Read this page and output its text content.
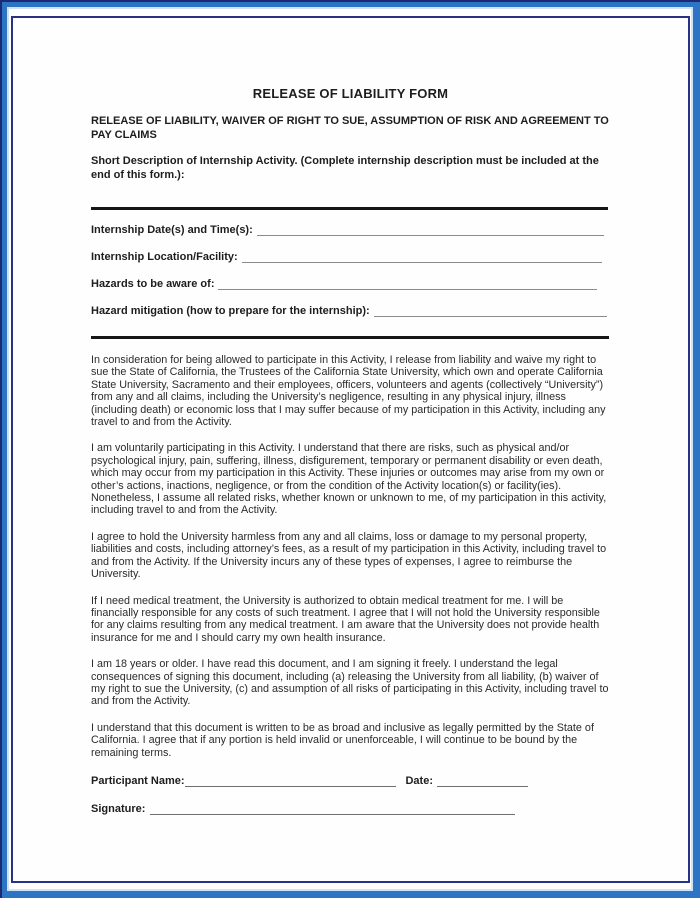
RELEASE OF LIABILITY FORM

RELEASE OF LIABILITY, WAIVER OF RIGHT TO SUE, ASSUMPTION OF RISK AND AGREEMENT TO PAY CLAIMS

Short Description of Internship Activity. (Complete internship description must be included at the end of this form.):

Internship Date(s) and Time(s):
Internship Location/Facility:
Hazards to be aware of:
Hazard mitigation (how to prepare for the internship):

In consideration for being allowed to participate in this Activity, I release from liability and waive my right to sue the State of California, the Trustees of the California State University, which own and operate California State University, Sacramento and their employees, officers, volunteers and agents (collectively “University”) from any and all claims, including the University’s negligence, resulting in any physical injury, illness (including death) or economic loss that I may suffer because of my participation in this Activity, including any travel to and from the Activity.

I am voluntarily participating in this Activity. I understand that there are risks, such as physical and/or psychological injury, pain, suffering, illness, disfigurement, temporary or permanent disability or even death, which may occur from my participation in this Activity. These injuries or outcomes may arise from my own or other’s actions, inactions, negligence, or from the condition of the Activity location(s) or facility(ies). Nonetheless, I assume all related risks, whether known or unknown to me, of my participation in this activity, including travel to and from the Activity.

I agree to hold the University harmless from any and all claims, loss or damage to my personal property, liabilities and costs, including attorney’s fees, as a result of my participation in this Activity, including travel to and from the Activity. If the University incurs any of these types of expenses, I agree to reimburse the University.

If I need medical treatment, the University is authorized to obtain medical treatment for me. I will be financially responsible for any costs of such treatment. I agree that I will not hold the University responsible for any claims resulting from any medical treatment. I am aware that the University does not provide health insurance for me and I should carry my own health insurance.

I am 18 years or older. I have read this document, and I am signing it freely. I understand the legal consequences of signing this document, including (a) releasing the University from all liability, (b) waiver of my right to sue the University, (c) and assumption of all risks of participating in this Activity, including travel to and from the Activity.

I understand that this document is written to be as broad and inclusive as legally permitted by the State of California. I agree that if any portion is held invalid or unenforceable, I will continue to be bound by the remaining terms.

Participant Name:	Date:
Signature:
